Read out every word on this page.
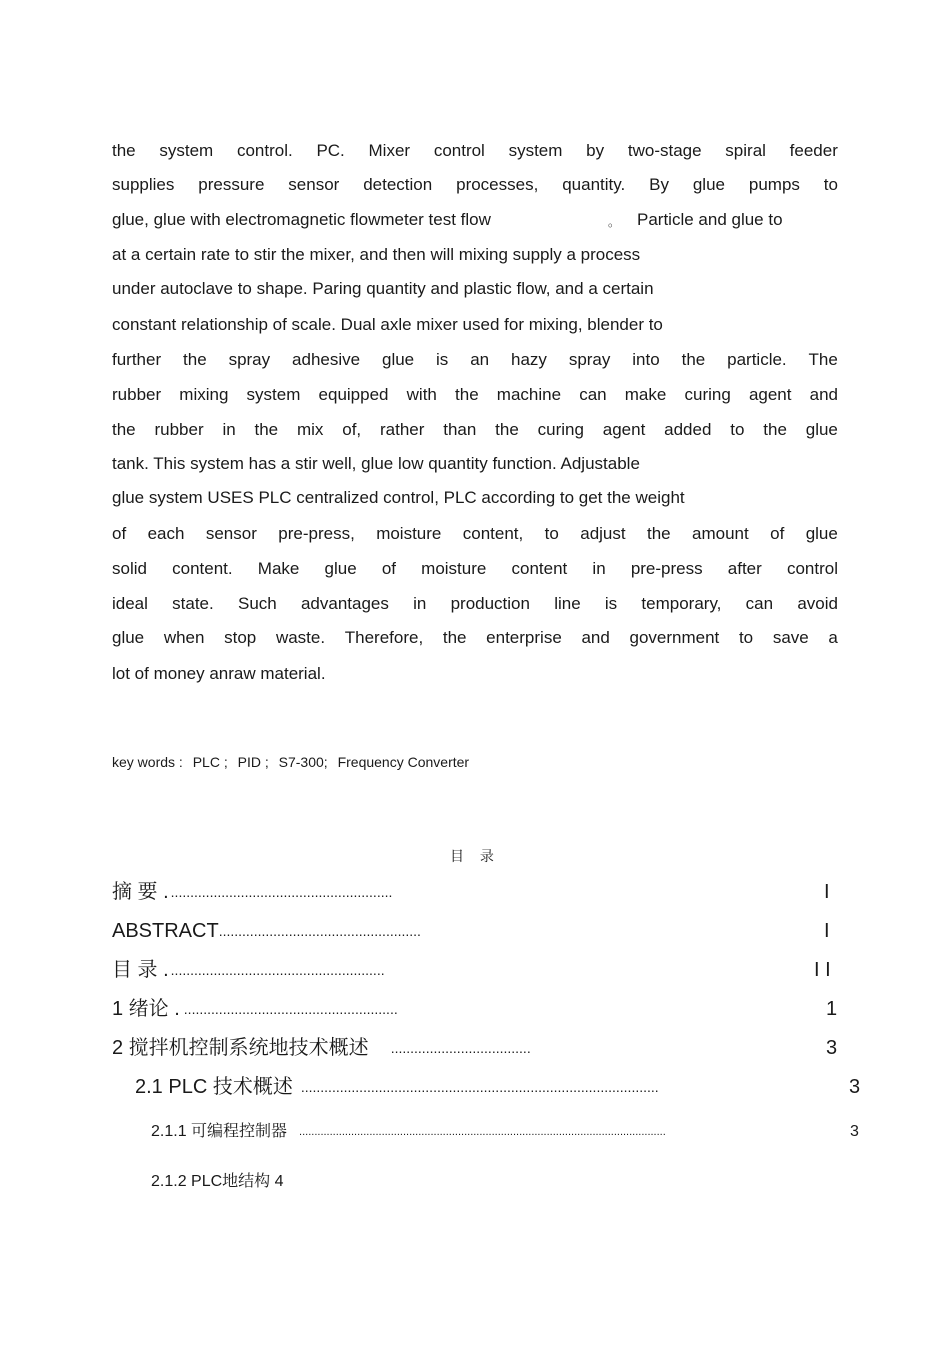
the system control. PC. Mixer control system by two-stage spiral feeder
supplies pressure sensor detection processes, quantity. By glue pumps to
glue, glue with electromagnetic flowmeter test flow	。 Particle and glue to
at a certain rate to stir the mixer, and then will mixing supply a process
under autoclave to shape. Paring quantity and plastic flow, and a certain
constant relationship of scale. Dual axle mixer used for mixing, blender to
further the spray adhesive glue is an hazy spray into the particle. The
rubber mixing system equipped with the machine can make curing agent and
the rubber in the mix of, rather than the curing agent added to the glue
tank. This system has a stir well, glue low quantity function. Adjustable
glue system USES PLC centralized control, PLC according to get the weight
of each sensor pre-press, moisture content, to adjust the amount of glue
solid content. Make glue of moisture content in pre-press after control
ideal state. Such advantages in production line is temporary, can avoid
glue when stop waste. Therefore, the enterprise and government to save a
lot of money anraw material.
key words : PLC ; PID ; S7-300; Frequency Converter
目 录
摘 要 . .........................................................	I
ABSTRACT ....................................................	I
目 录 . .......................................................	I I
1 绪论 . .......................................................	1
2 搅拌机控制系统地技术概述 ....................................	3
2.1 PLC 技术概述 ............................................................................................	3
2.1.1 可编程控制器 ........................................................................................................................	3
2.1.2 PLC地结构 4
